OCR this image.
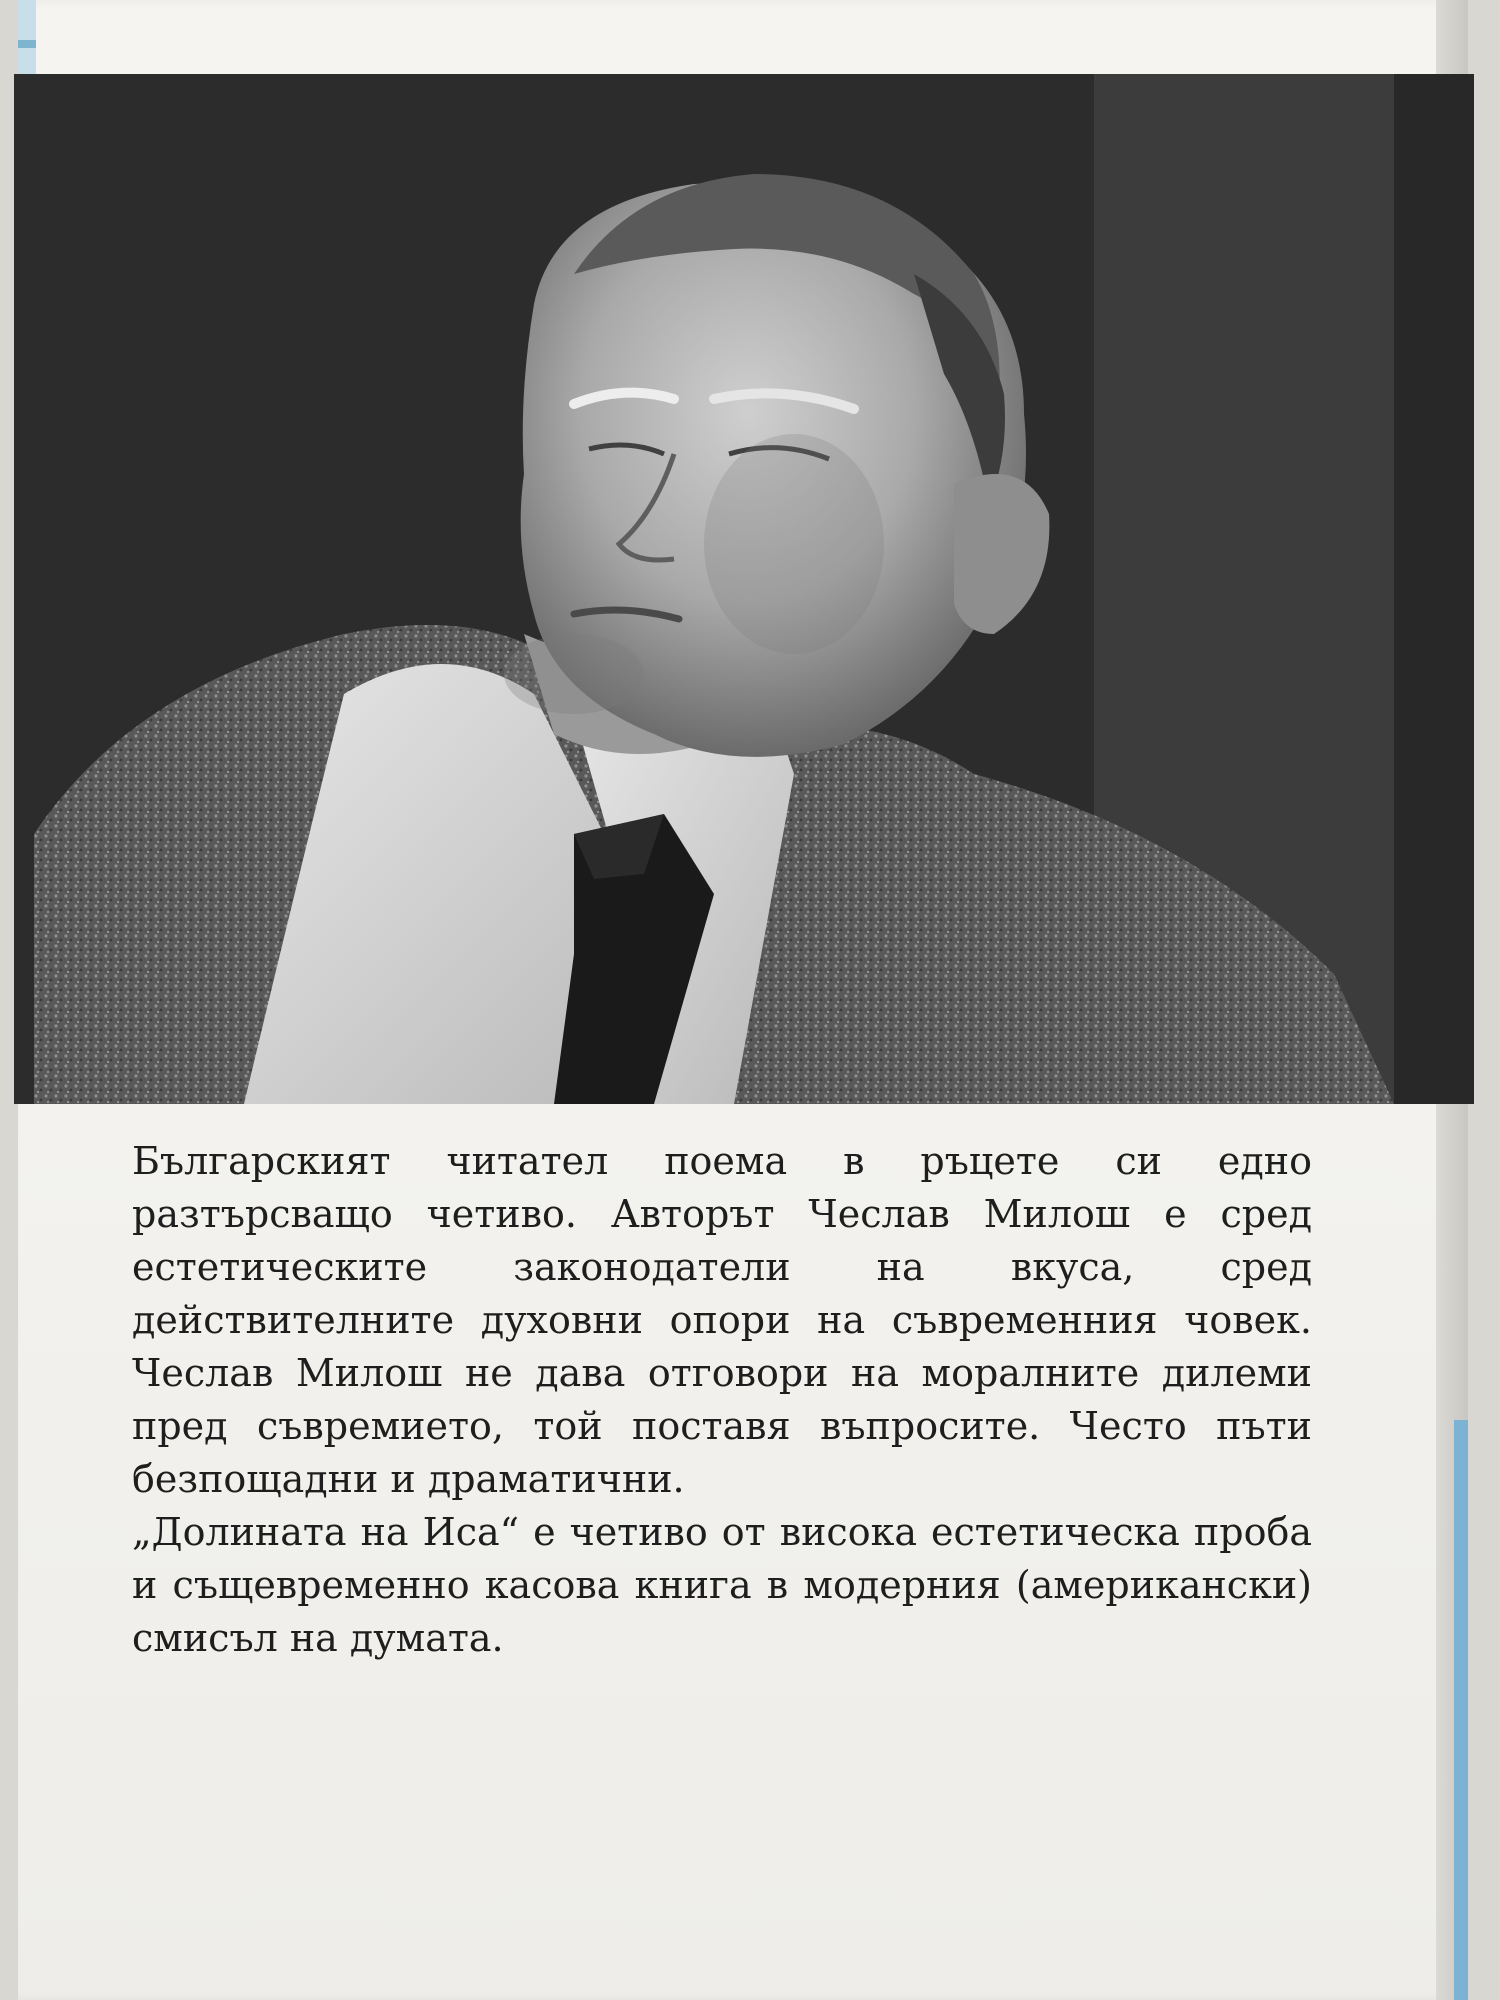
Българският читател поема в ръцете си едно разтърсващо четиво. Авторът Чеслав Милош е сред естетическите законодатели на вкуса, сред действителните духовни опори на съвременния човек. Чеслав Милош не дава отговори на моралните дилеми пред съвремието, той поставя въпросите. Често пъти безпощадни и драматични.

„Долината на Иса“ е четиво от висока естетическа проба и същевременно касова книга в модерния (американски) смисъл на думата.
